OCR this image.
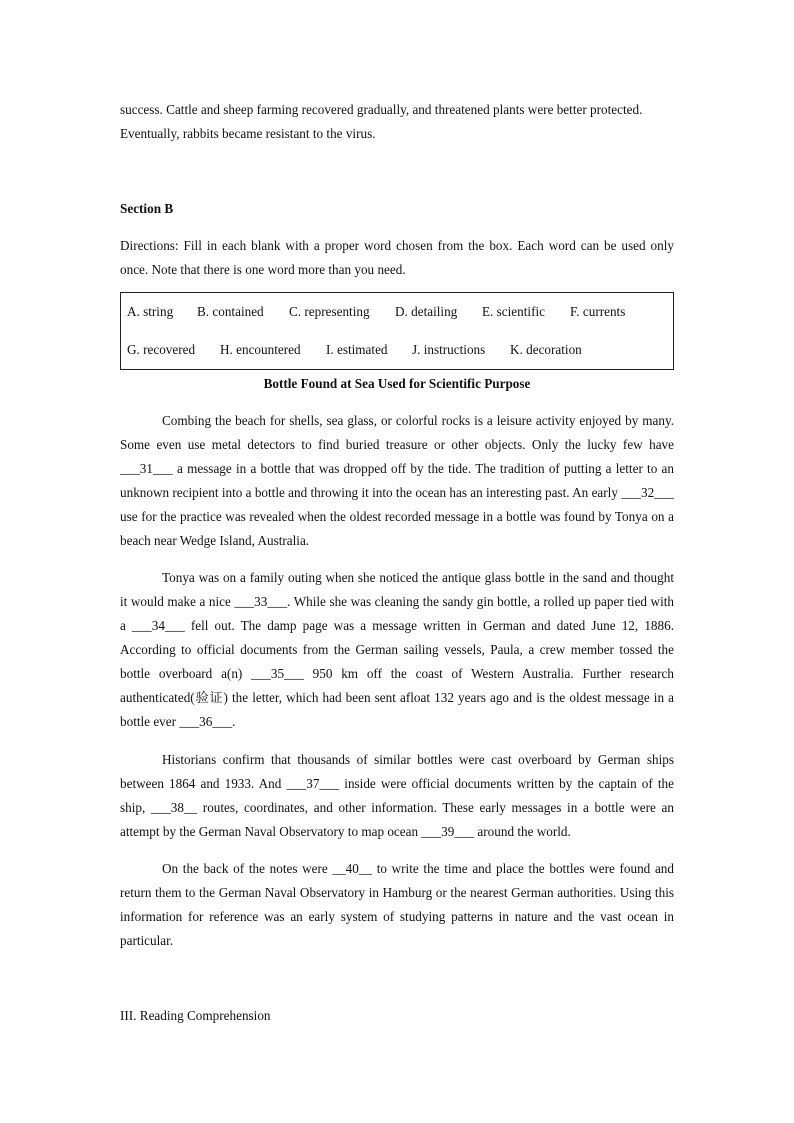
success. Cattle and sheep farming recovered gradually, and threatened plants were better protected.
Eventually, rabbits became resistant to the virus.

Section B

Directions: Fill in each blank with a proper word chosen from the box. Each word can be used only once. Note that there is one word more than you need.

A. string	B. contained	C. representing	D. detailing	E. scientific	F. currents
G. recovered	H. encountered	I. estimated	J. instructions	K. decoration

Bottle Found at Sea Used for Scientific Purpose

Combing the beach for shells, sea glass, or colorful rocks is a leisure activity enjoyed by many. Some even use metal detectors to find buried treasure or other objects. Only the lucky few have ___31___ a message in a bottle that was dropped off by the tide. The tradition of putting a letter to an unknown recipient into a bottle and throwing it into the ocean has an interesting past. An early ___32___ use for the practice was revealed when the oldest recorded message in a bottle was found by Tonya on a beach near Wedge Island, Australia.

Tonya was on a family outing when she noticed the antique glass bottle in the sand and thought it would make a nice ___33___. While she was cleaning the sandy gin bottle, a rolled up paper tied with a ___34___ fell out. The damp page was a message written in German and dated June 12, 1886. According to official documents from the German sailing vessels, Paula, a crew member tossed the bottle overboard a(n) ___35___ 950 km off the coast of Western Australia. Further research authenticated(验证) the letter, which had been sent afloat 132 years ago and is the oldest message in a bottle ever ___36___.

Historians confirm that thousands of similar bottles were cast overboard by German ships between 1864 and 1933. And ___37___ inside were official documents written by the captain of the ship, ___38__ routes, coordinates, and other information. These early messages in a bottle were an attempt by the German Naval Observatory to map ocean ___39___ around the world.

On the back of the notes were __40__ to write the time and place the bottles were found and return them to the German Naval Observatory in Hamburg or the nearest German authorities. Using this information for reference was an early system of studying patterns in nature and the vast ocean in particular.

III. Reading Comprehension
